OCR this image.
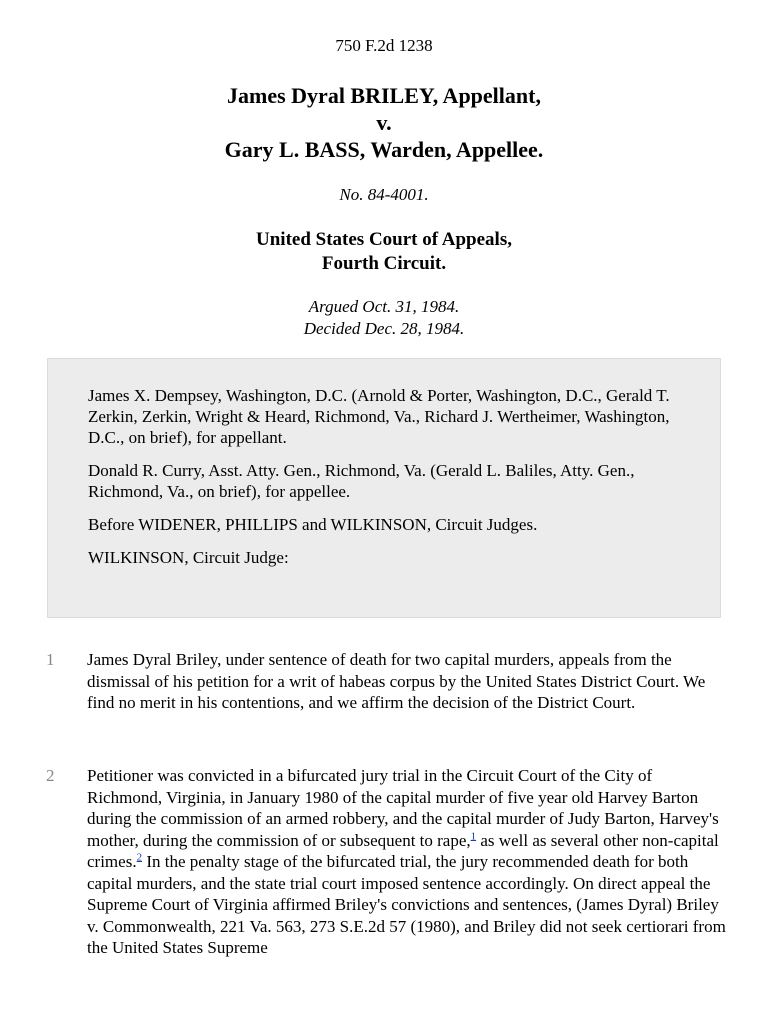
750 F.2d 1238
James Dyral BRILEY, Appellant,
v.
Gary L. BASS, Warden, Appellee.
No. 84-4001.
United States Court of Appeals,
Fourth Circuit.
Argued Oct. 31, 1984.
Decided Dec. 28, 1984.

James X. Dempsey, Washington, D.C. (Arnold & Porter, Washington, D.C., Gerald T. Zerkin, Zerkin, Wright & Heard, Richmond, Va., Richard J. Wertheimer, Washington, D.C., on brief), for appellant.

Donald R. Curry, Asst. Atty. Gen., Richmond, Va. (Gerald L. Baliles, Atty. Gen., Richmond, Va., on brief), for appellee.

Before WIDENER, PHILLIPS and WILKINSON, Circuit Judges.

WILKINSON, Circuit Judge:

1 James Dyral Briley, under sentence of death for two capital murders, appeals from the dismissal of his petition for a writ of habeas corpus by the United States District Court. We find no merit in his contentions, and we affirm the decision of the District Court.
2 Petitioner was convicted in a bifurcated jury trial in the Circuit Court of the City of Richmond, Virginia, in January 1980 of the capital murder of five year old Harvey Barton during the commission of an armed robbery, and the capital murder of Judy Barton, Harvey's mother, during the commission of or subsequent to rape,$^1$ as well as several other non-capital crimes.$^2$ In the penalty stage of the bifurcated trial, the jury recommended death for both capital murders, and the state trial court imposed sentence accordingly. On direct appeal the Supreme Court of Virginia affirmed Briley's convictions and sentences, (James Dyral) Briley v. Commonwealth, 221 Va. 563, 273 S.E.2d 57 (1980), and Briley did not seek certiorari from the United States Supreme
